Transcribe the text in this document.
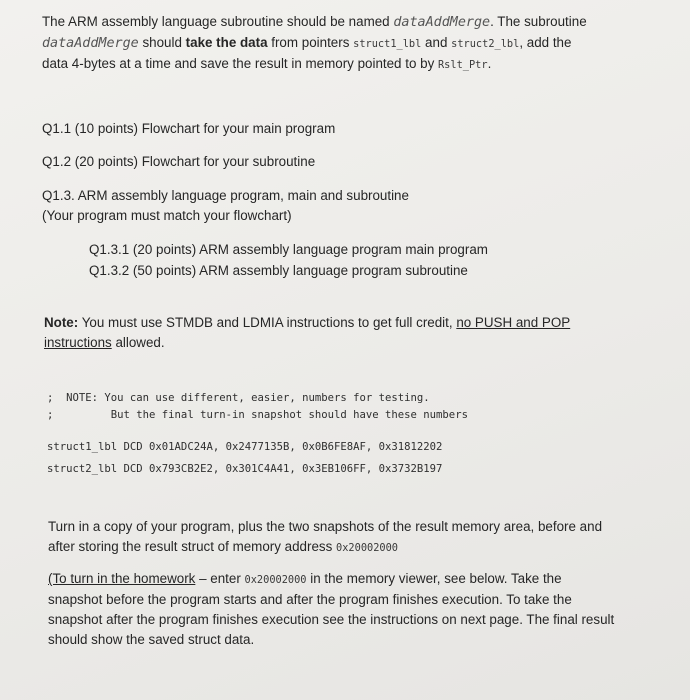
The ARM assembly language subroutine should be named dataAddMerge. The subroutine
dataAddMerge should take the data from pointers struct1_lbl and struct2_lbl, add the
data 4-bytes at a time and save the result in memory pointed to by Rslt_Ptr.
Q1.1 (10 points) Flowchart for your main program
Q1.2 (20 points) Flowchart for your subroutine
Q1.3. ARM assembly language program, main and subroutine
(Your program must match your flowchart)
Q1.3.1 (20 points) ARM assembly language program main program
Q1.3.2 (50 points) ARM assembly language program subroutine
Note: You must use STMDB and LDMIA instructions to get full credit, no PUSH and POP
instructions allowed.
;  NOTE: You can use different, easier, numbers for testing.
;         But the final turn-in snapshot should have these numbers
struct1_lbl DCD 0x01ADC24A, 0x2477135B, 0x0B6FE8AF, 0x31812202
struct2_lbl DCD 0x793CB2E2, 0x301C4A41, 0x3EB106FF, 0x3732B197
Turn in a copy of your program, plus the two snapshots of the result memory area, before and
after storing the result struct of memory address 0x20002000
(To turn in the homework – enter 0x20002000 in the memory viewer, see below. Take the
snapshot before the program starts and after the program finishes execution. To take the
snapshot after the program finishes execution see the instructions on next page. The final result
should show the saved struct data.
